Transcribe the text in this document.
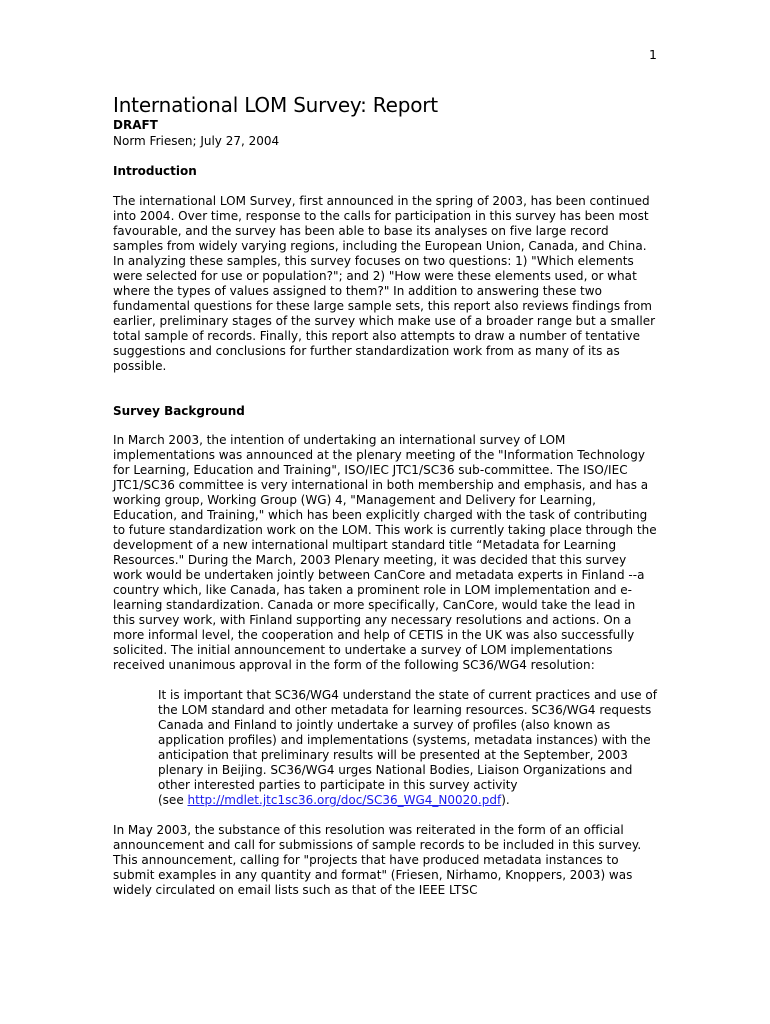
1
International LOM Survey: Report

DRAFT

Norm Friesen; July 27, 2004

Introduction

The international LOM Survey, first announced in the spring of 2003, has been continued into 2004. Over time, response to the calls for participation in this survey has been most favourable, and the survey has been able to base its analyses on five large record samples from widely varying regions, including the European Union, Canada, and China. In analyzing these samples, this survey focuses on two questions: 1) "Which elements were selected for use or population?"; and 2) "How were these elements used, or what where the types of values assigned to them?" In addition to answering these two fundamental questions for these large sample sets, this report also reviews findings from earlier, preliminary stages of the survey which make use of a broader range but a smaller total sample of records. Finally, this report also attempts to draw a number of tentative suggestions and conclusions for further standardization work from as many of its as possible.

Survey Background

In March 2003, the intention of undertaking an international survey of LOM implementations was announced at the plenary meeting of the "Information Technology for Learning, Education and Training", ISO/IEC JTC1/SC36 sub-committee. The ISO/IEC JTC1/SC36 committee is very international in both membership and emphasis, and has a working group, Working Group (WG) 4, "Management and Delivery for Learning, Education, and Training," which has been explicitly charged with the task of contributing to future standardization work on the LOM. This work is currently taking place through the development of a new international multipart standard title “Metadata for Learning Resources." During the March, 2003 Plenary meeting, it was decided that this survey work would be undertaken jointly between CanCore and metadata experts in Finland --a country which, like Canada, has taken a prominent role in LOM implementation and e-learning standardization. Canada or more specifically, CanCore, would take the lead in this survey work, with Finland supporting any necessary resolutions and actions. On a more informal level, the cooperation and help of CETIS in the UK was also successfully solicited. The initial announcement to undertake a survey of LOM implementations received unanimous approval in the form of the following SC36/WG4 resolution:

It is important that SC36/WG4 understand the state of current practices and use of the LOM standard and other metadata for learning resources. SC36/WG4 requests Canada and Finland to jointly undertake a survey of profiles (also known as application profiles) and implementations (systems, metadata instances) with the anticipation that preliminary results will be presented at the September, 2003 plenary in Beijing. SC36/WG4 urges National Bodies, Liaison Organizations and other interested parties to participate in this survey activity
(see http://mdlet.jtc1sc36.org/doc/SC36_WG4_N0020.pdf).

In May 2003, the substance of this resolution was reiterated in the form of an official announcement and call for submissions of sample records to be included in this survey. This announcement, calling for "projects that have produced metadata instances to submit examples in any quantity and format" (Friesen, Nirhamo, Knoppers, 2003) was widely circulated on email lists such as that of the IEEE LTSC
